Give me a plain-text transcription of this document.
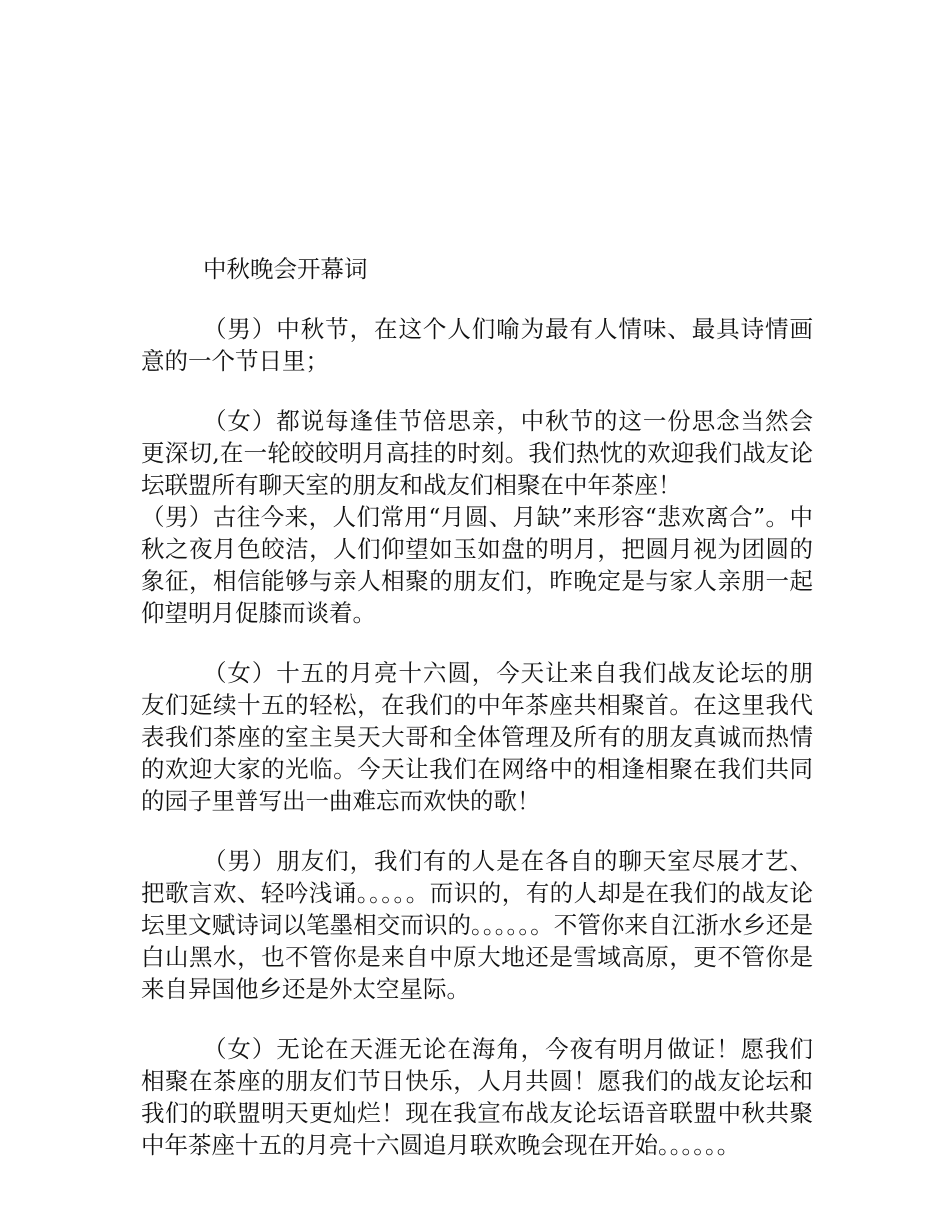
中秋晚会开幕词

（男）中秋节，在这个人们喻为最有人情味、最具诗情画意的一个节日里；

（女）都说每逢佳节倍思亲，中秋节的这一份思念当然会更深切,在一轮皎皎明月高挂的时刻。我们热忱的欢迎我们战友论坛联盟所有聊天室的朋友和战友们相聚在中年茶座！

（男）古往今来，人们常用“月圆、月缺”来形容“悲欢离合”。中秋之夜月色皎洁，人们仰望如玉如盘的明月，把圆月视为团圆的象征，相信能够与亲人相聚的朋友们，昨晚定是与家人亲朋一起仰望明月促膝而谈着。

（女）十五的月亮十六圆，今天让来自我们战友论坛的朋友们延续十五的轻松，在我们的中年茶座共相聚首。在这里我代表我们茶座的室主昊天大哥和全体管理及所有的朋友真诚而热情的欢迎大家的光临。今天让我们在网络中的相逢相聚在我们共同的园子里普写出一曲难忘而欢快的歌！

（男）朋友们，我们有的人是在各自的聊天室尽展才艺、把歌言欢、轻吟浅诵。。。。。而识的，有的人却是在我们的战友论坛里文赋诗词以笔墨相交而识的。。。。。。不管你来自江浙水乡还是白山黑水，也不管你是来自中原大地还是雪域高原，更不管你是来自异国他乡还是外太空星际。

（女）无论在天涯无论在海角，今夜有明月做证！愿我们相聚在茶座的朋友们节日快乐，人月共圆！愿我们的战友论坛和我们的联盟明天更灿烂！现在我宣布战友论坛语音联盟中秋共聚中年茶座十五的月亮十六圆追月联欢晚会现在开始。。。。。。
